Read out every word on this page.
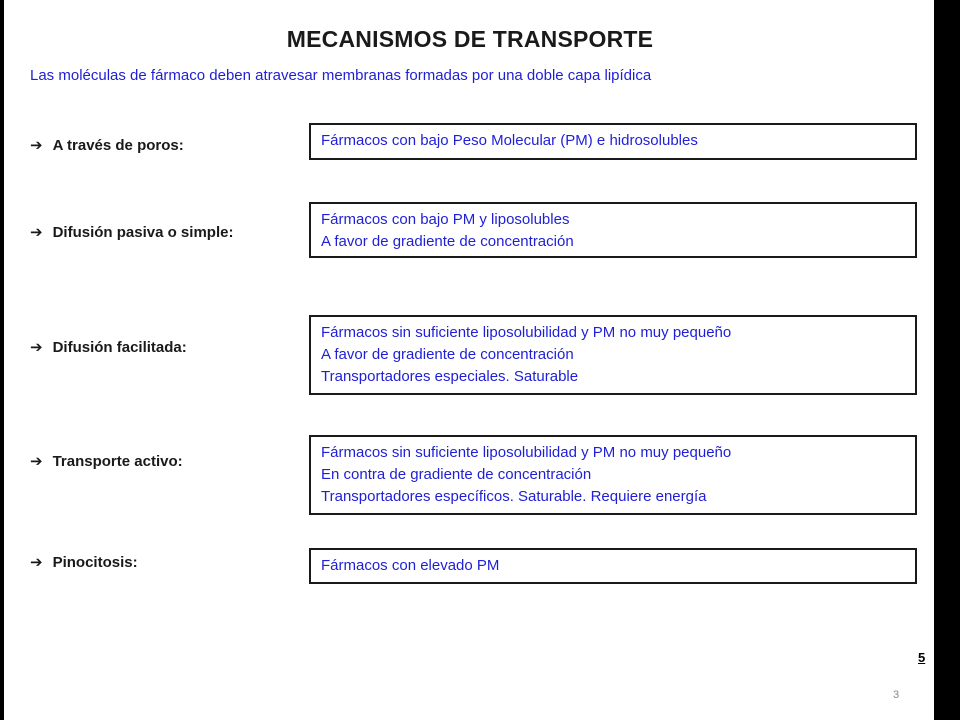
MECANISMOS DE TRANSPORTE
Las moléculas de fármaco deben atravesar membranas formadas por una doble capa lipídica
➔ A través de poros:	Fármacos con bajo Peso Molecular (PM) e hidrosolubles
➔ Difusión pasiva o simple:
Fármacos con bajo PM y liposolubles
A favor de gradiente de concentración
➔ Difusión facilitada:
Fármacos sin suficiente liposolubilidad y PM no muy pequeño
A favor de gradiente de concentración
Transportadores especiales. Saturable
➔ Transporte activo:	Fármacos sin suficiente liposolubilidad y PM no muy pequeño
En contra de gradiente de concentración
Transportadores específicos. Saturable. Requiere energía
➔ Pinocitosis:	Fármacos con elevado PM
5
3
